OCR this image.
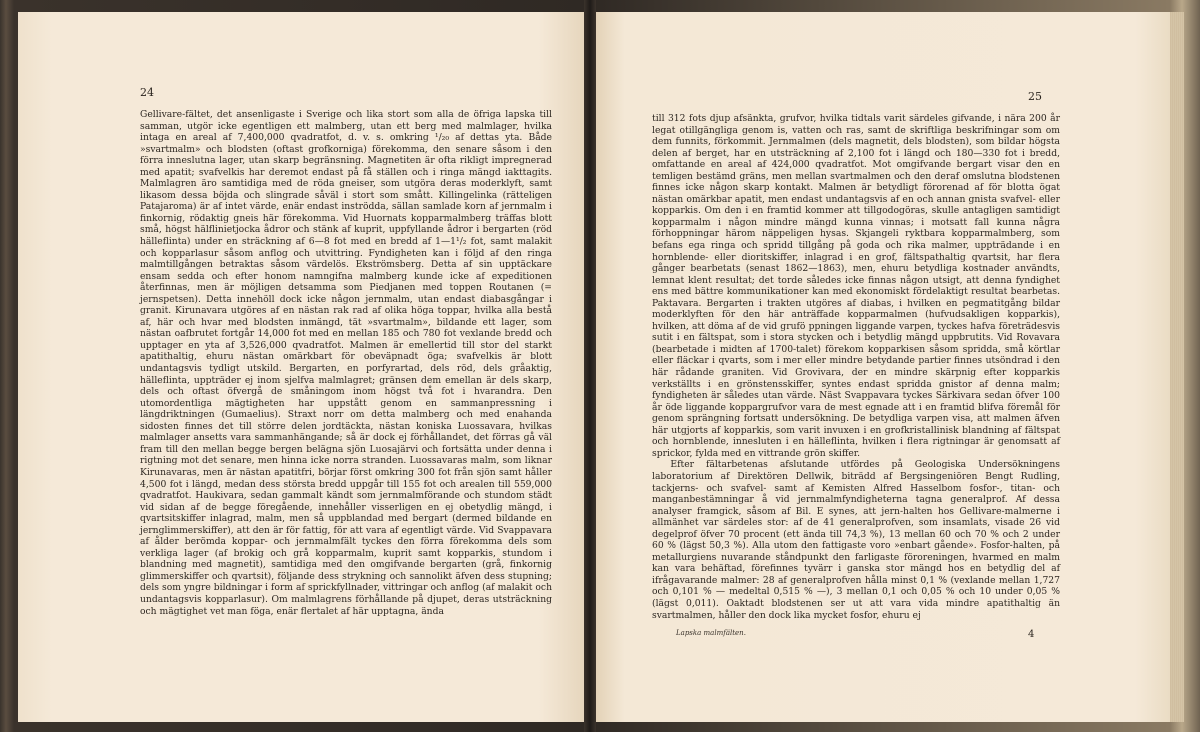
24

Gellivare-fältet, det ansenligaste i Sverige och lika stort som alla de öfriga lapska till samman, utgör icke egentligen ett malmberg, utan ett berg med malmlager, hvilka intaga en areal af 7,400,000 qvadratfot, d. v. s. omkring ¹/₂₀ af dettas yta. Både »svartmalm» och blodsten (oftast grofkorniga) förekomma, den senare såsom i den förra inneslutna lager, utan skarp begränsning. Magnetiten är ofta rikligt impregnerad med apatit; svafvelkis har deremot endast på få ställen och i ringa mängd iakttagits. Malmlagren äro samtidiga med de röda gneiser, som utgöra deras moderklyft, samt likasom dessa böjda och slingrade såväl i stort som smått. Killingelinka (rätteligen Patajaroma) är af intet värde, enär endast inströdda, sällan samlade korn af jernmalm i finkornig, rödaktig gneis här förekomma. Vid Huornats kopparmalmberg träffas blott små, högst hälflinietjocka ådror och stänk af kuprit, uppfyllande ådror i bergarten (röd hälleflinta) under en sträckning af 6—8 fot med en bredd af 1—1¹/₂ fot, samt malakit och kopparlasur såsom anflog och utvittring. Fyndigheten kan i följd af den ringa malmtillgången betraktas såsom värdelös. Ekströmsberg. Detta af sin upptäckare ensam sedda och efter honom namngifna malmberg kunde icke af expeditionen återfinnas, men är möjligen detsamma som Piedjanen med toppen Routanen (= jernspetsen). Detta innehöll dock icke någon jernmalm, utan endast diabasgångar i granit. Kirunavara utgöres af en nästan rak rad af olika höga toppar, hvilka alla bestå af, här och hvar med blodsten inmängd, tät »svartmalm», bildande ett lager, som nästan oafbrutet fortgår 14,000 fot med en mellan 185 och 780 fot vexlande bredd och upptager en yta af 3,526,000 qvadratfot. Malmen är emellertid till stor del starkt apatithaltig, ehuru nästan omärkbart för obeväpnadt öga; svafvelkis är blott undantagsvis tydligt utskild. Bergarten, en porfyrartad, dels röd, dels gråaktig, hälleflinta, uppträder ej inom sjelfva malmlagret; gränsen dem emellan är dels skarp, dels och oftast öfvergå de småningom inom högst två fot i hvarandra. Den utomordentliga mägtigheten har uppstått genom en sammanpressning i längdriktningen (Gumaelius). Straxt norr om detta malmberg och med enahanda sidosten finnes det till större delen jordtäckta, nästan koniska Luossavara, hvilkas malmlager ansetts vara sammanhängande; så är dock ej förhållandet, det förras gå väl fram till den mellan begge bergen belägna sjön Luosajärvi och fortsätta under denna i rigtning mot det senare, men hinna icke norra stranden. Luossavaras malm, som liknar Kirunavaras, men är nästan apatitfri, börjar först omkring 300 fot från sjön samt håller 4,500 fot i längd, medan dess största bredd uppgår till 155 fot och arealen till 559,000 qvadratfot. Haukivara, sedan gammalt kändt som jernmalmförande och stundom städt vid sidan af de begge föregående, innehåller visserligen en ej obetydlig mängd, i qvartsitskiffer inlagrad, malm, men så uppblandad med bergart (dermed bildande en jernglimmerskiffer), att den är för fattig, för att vara af egentligt värde. Vid Svappavara af ålder berömda koppar- och jernmalmfält tyckes den förra förekomma dels som verkliga lager (af brokig och grå kopparmalm, kuprit samt kopparkis, stundom i blandning med magnetit), samtidiga med den omgifvande bergarten (grå, finkornig glimmerskiffer och qvartsit), följande dess strykning och sannolikt äfven dess stupning; dels som yngre bildningar i form af sprickfyllnader, vittringar och anflog (af malakit och undantagsvis kopparlasur). Om malmlagrens förhållande på djupet, deras utsträckning och mägtighet vet man föga, enär flertalet af här upptagna, ända

25

till 312 fots djup afsänkta, grufvor, hvilka tidtals varit särdeles gifvande, i nära 200 år legat otillgängliga genom is, vatten och ras, samt de skriftliga beskrifningar som om dem funnits, förkommit. Jernmalmen (dels magnetit, dels blodsten), som bildar högsta delen af berget, har en utsträckning af 2,100 fot i längd och 180—330 fot i bredd, omfattande en areal af 424,000 qvadratfot. Mot omgifvande bergart visar den en temligen bestämd gräns, men mellan svartmalmen och den deraf omslutna blodstenen finnes icke någon skarp kontakt. Malmen är betydligt förorenad af för blotta ögat nästan omärkbar apatit, men endast undantagsvis af en och annan gnista svafvel- eller kopparkis. Om den i en framtid kommer att tillgodogöras, skulle antagligen samtidigt kopparmalm i någon mindre mängd kunna vinnas; i motsatt fall kunna några förhoppningar härom näppeligen hysas. Skjangeli ryktbara kopparmalmberg, som befans ega ringa och spridd tillgång på goda och rika malmer, uppträdande i en hornblende- eller dioritskiffer, inlagrad i en grof, fältspathaltig qvartsit, har flera gånger bearbetats (senast 1862—1863), men, ehuru betydliga kostnader användts, lemnat klent resultat; det torde således icke finnas någon utsigt, att denna fyndighet ens med bättre kommunikationer kan med ekonomiskt fördelaktigt resultat bearbetas. Paktavara. Bergarten i trakten utgöres af diabas, i hvilken en pegmatitgång bildar moderklyften för den här anträffade kopparmalmen (hufvudsakligen kopparkis), hvilken, att döma af de vid grufö ppningen liggande varpen, tyckes hafva företrädesvis sutit i en fältspat, som i stora stycken och i betydlig mängd uppbrutits. Vid Rovavara (bearbetade i midten af 1700-talet) förekom kopparkisen såsom spridda, små körtlar eller fläckar i qvarts, som i mer eller mindre betydande partier finnes utsöndrad i den här rådande graniten. Vid Grovivara, der en mindre skärpnig efter kopparkis verkställts i en grönstensskiffer, syntes endast spridda gnistor af denna malm; fyndigheten är således utan värde. Näst Svappavara tyckes Särkivara sedan öfver 100 år öde liggande koppargrufvor vara de mest egnade att i en framtid blifva föremål för genom sprängning fortsatt undersökning. De betydliga varpen visa, att malmen äfven här utgjorts af kopparkis, som varit invuxen i en grofkristallinisk blandning af fältspat och hornblende, innesluten i en hälleflinta, hvilken i flera rigtningar är genomsatt af sprickor, fylda med en vittrande grön skiffer.

Efter fältarbetenas afslutande utfördes på Geologiska Undersökningens laboratorium af Direktören Dellwik, biträdd af Bergsingeniören Bengt Rudling, tackjerns- och svafvel- samt af Kemisten Alfred Hasselbom fosfor-, titan- och manganbestämningar å vid jernmalmfyndigheterna tagna generalprof. Af dessa analyser framgick, såsom af Bil. E synes, att jern-halten hos Gellivare-malmerne i allmänhet var särdeles stor: af de 41 generalprofven, som insamlats, visade 26 vid degelprof öfver 70 procent (ett ända till 74,3 %), 13 mellan 60 och 70 % och 2 under 60 % (lägst 50,3 %). Alla utom den fattigaste voro »enbart gående». Fosfor-halten, på metallurgiens nuvarande ståndpunkt den farligaste föroreningen, hvarmed en malm kan vara behäftad, förefinnes tyvärr i ganska stor mängd hos en betydlig del af ifrågavarande malmer: 28 af generalprofven hålla minst 0,1 % (vexlande mellan 1,727 och 0,101 % — medeltal 0,515 % —), 3 mellan 0,1 och 0,05 % och 10 under 0,05 % (lägst 0,011). Oaktadt blodstenen ser ut att vara vida mindre apatithaltig än svartmalmen, håller den dock lika mycket fosfor, ehuru ej

Lapska malmfälten.	4
